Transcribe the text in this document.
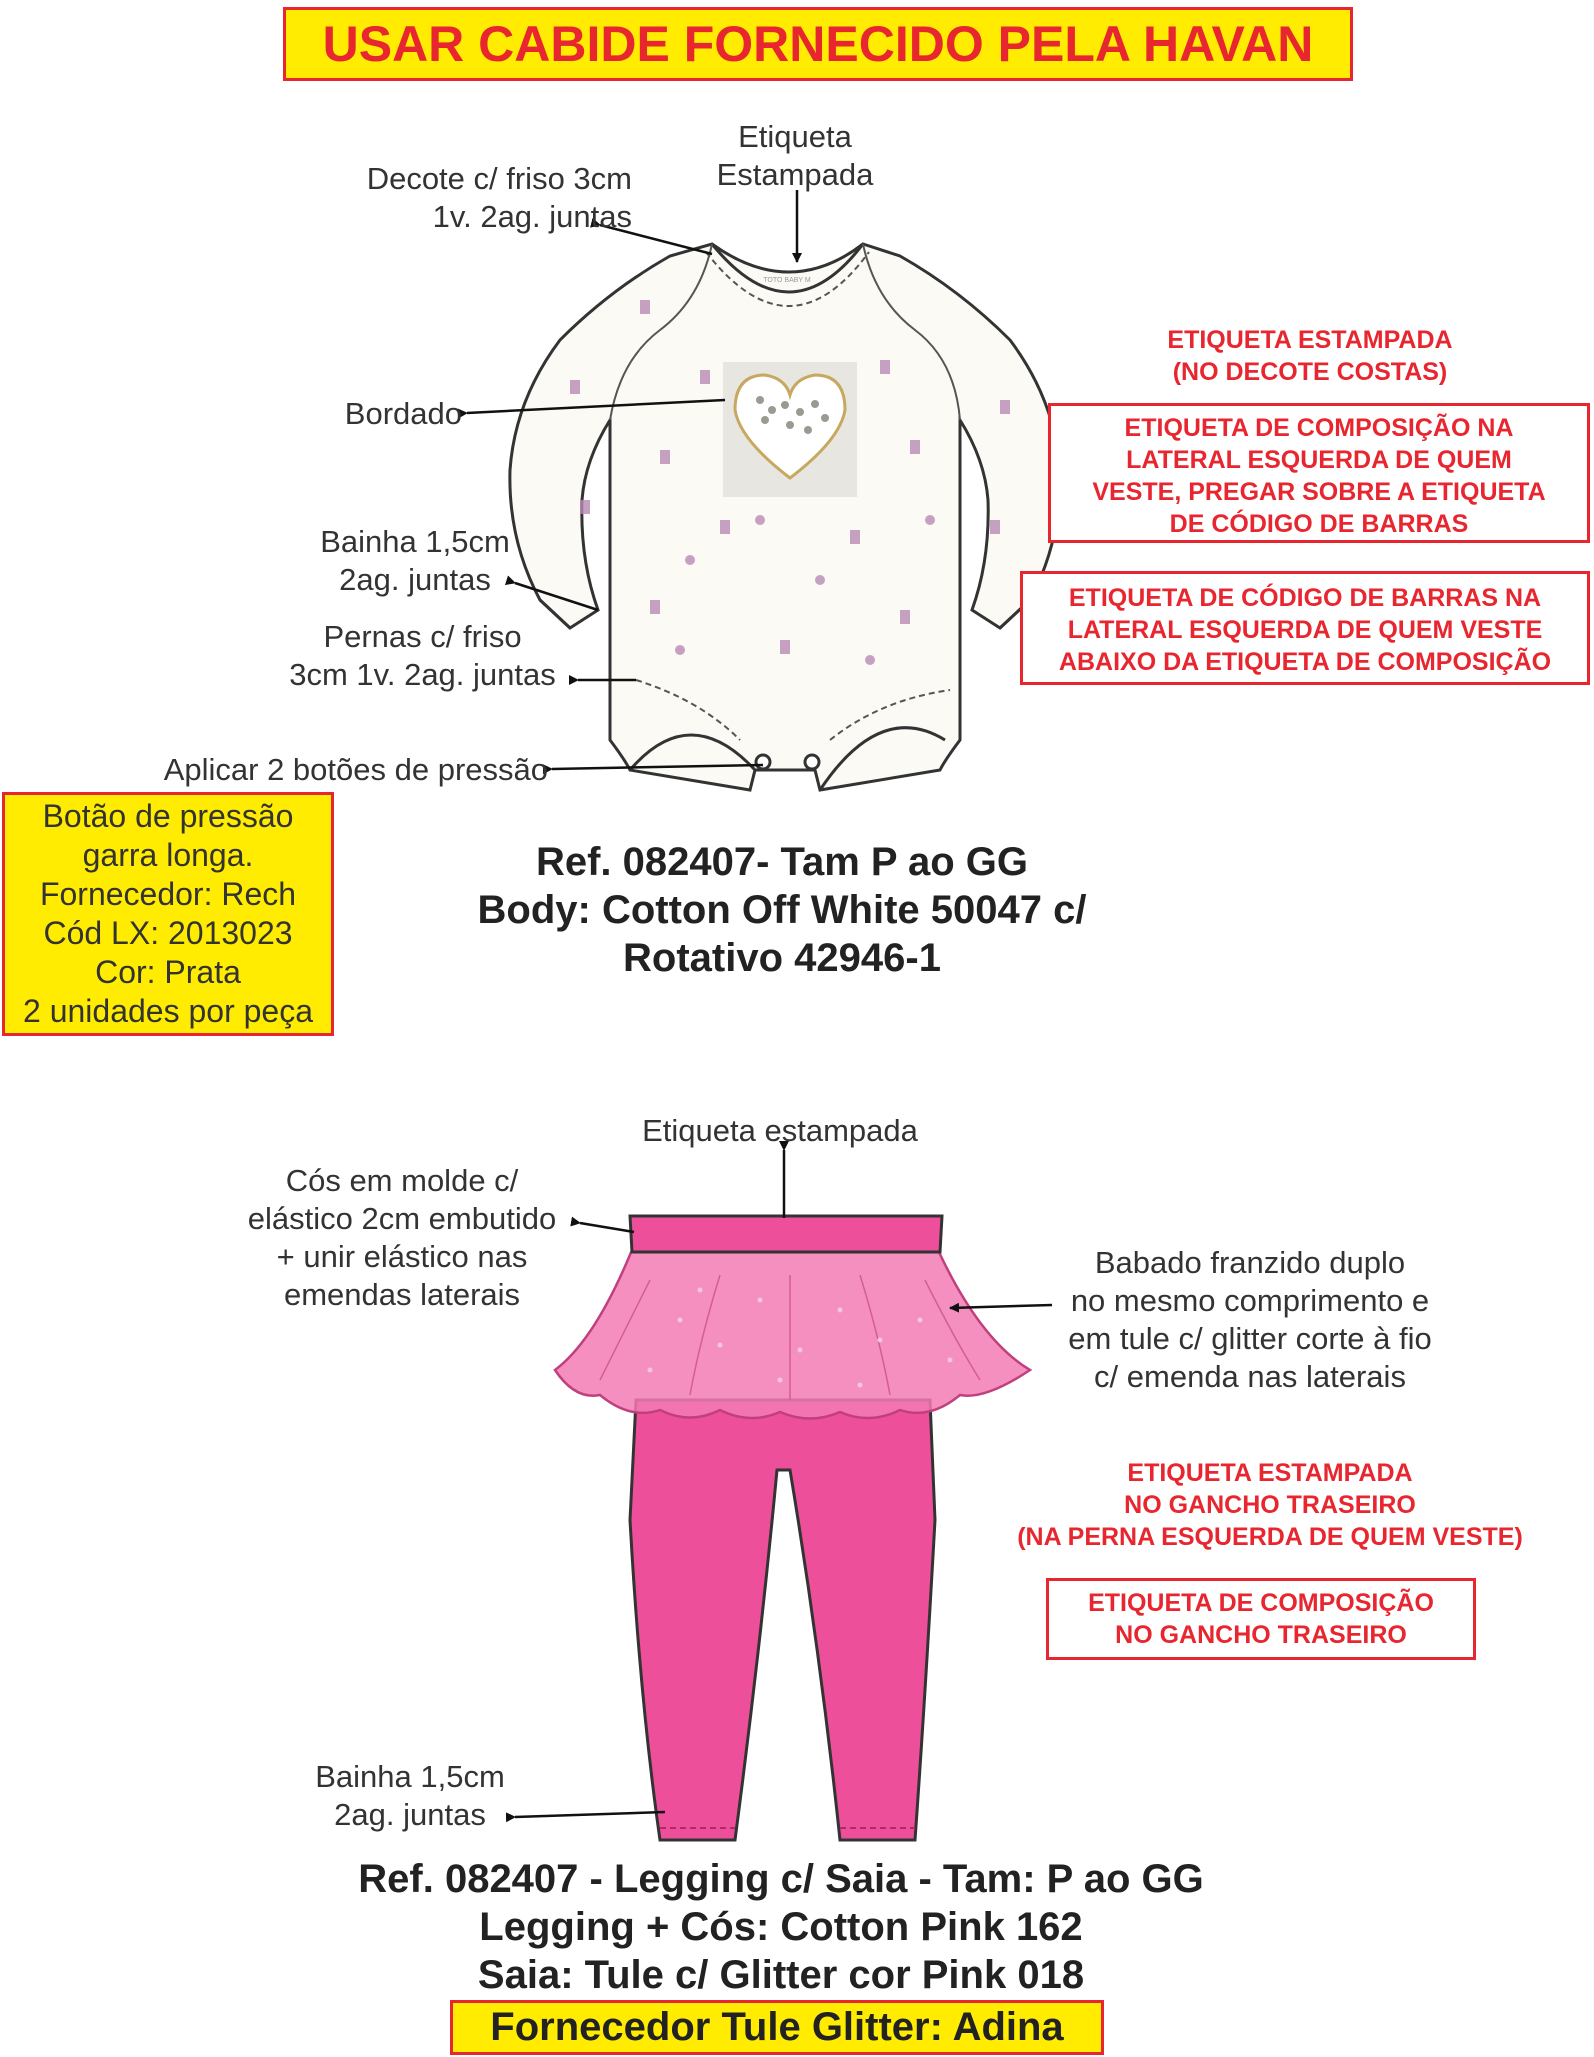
USAR CABIDE FORNECIDO PELA HAVAN
TOTO BABY M
Etiqueta
Estampada
Decote c/ friso 3cm
1v. 2ag. juntas
Bordado
Bainha 1,5cm
2ag. juntas
Pernas c/ friso
3cm 1v. 2ag. juntas
Aplicar 2 botões de pressão
ETIQUETA ESTAMPADA
(NO DECOTE COSTAS)
ETIQUETA DE COMPOSIÇÃO NA
LATERAL ESQUERDA DE QUEM
VESTE, PREGAR SOBRE A ETIQUETA
DE CÓDIGO DE BARRAS
ETIQUETA DE CÓDIGO DE BARRAS NA
LATERAL ESQUERDA DE QUEM VESTE
ABAIXO DA ETIQUETA DE COMPOSIÇÃO
Botão de pressão
garra longa.
Fornecedor: Rech
Cód LX: 2013023
Cor: Prata
2 unidades por peça
Ref. 082407- Tam P ao GG
Body: Cotton Off White 50047 c/
Rotativo 42946-1
Etiqueta estampada
Cós em molde c/
elástico 2cm embutido
+ unir elástico nas
emendas laterais
Babado franzido duplo
no mesmo comprimento e
em tule c/ glitter corte à fio
c/ emenda nas laterais
Bainha 1,5cm
2ag. juntas
ETIQUETA ESTAMPADA
NO GANCHO TRASEIRO
(NA PERNA ESQUERDA DE QUEM VESTE)
ETIQUETA DE COMPOSIÇÃO
NO GANCHO TRASEIRO
Ref. 082407 - Legging c/ Saia - Tam: P ao GG
Legging + Cós: Cotton Pink 162
Saia: Tule c/ Glitter cor Pink 018
Fornecedor Tule Glitter: Adina
